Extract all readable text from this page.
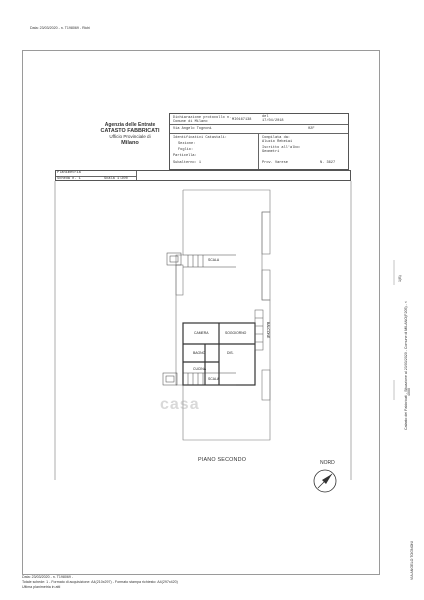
Data: 23/03/2020 - n. T198069 - Richi
Agenzia delle Entrate
CATASTO FABBRICATI
Ufficio Provinciale di
Milano
Dichiarazione protocollo n. MI0167138
del
17/04/2018
Comune di Milano
Via Angelo Tognoni	02F
Identificativi Catastali:
Sezione:
Foglio:
Particella:
Subalterno: 1
Compilata da:
Aluzio Rebeiai
Iscritto all'albo:
Geometri
Prov. Varese	N. 3627
Planimetria
Scheda n. 1	Scala 1:200
SCALA
CAMERA	SOGGIORNO	BALCONE
BAGNO
CUCINA
DIS.
SCALA
casa
PIANO SECONDO	NORD
Data: 23/03/2020 - n. T198069 -
Totale schede: 1 - Formato di acquisizione: A4(210x297) - Formato stampa richiesto: A4(297x420)
Ultima planimetria in atti
Catasto dei Fabbricati - Situazione al 23/03/2020 - Comune di MILANO(F205) - <
VIA ANGELO TOGNONI
1(B)
4000
